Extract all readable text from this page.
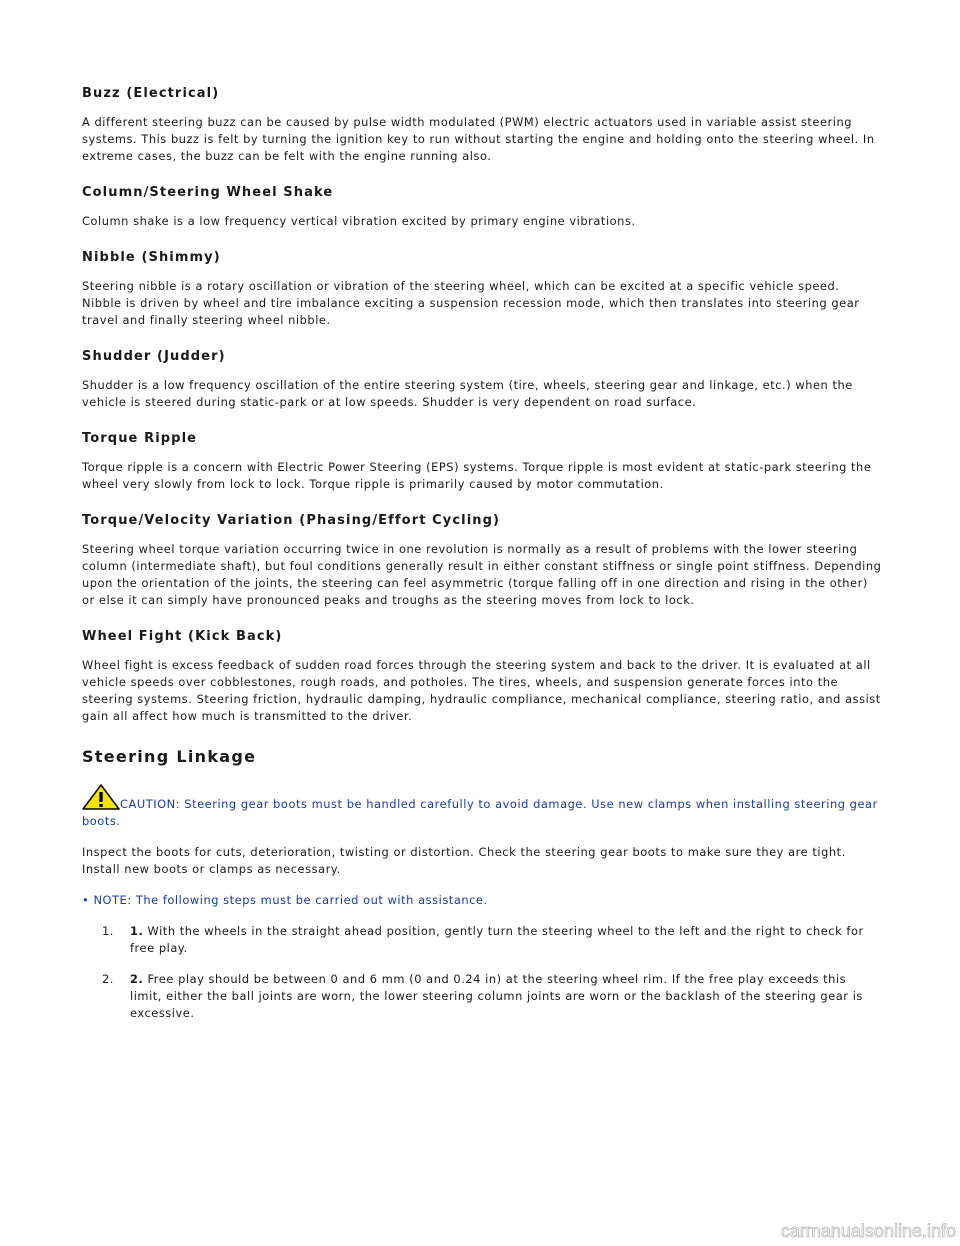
Buzz (Electrical)

A different steering buzz can be caused by pulse width modulated (PWM) electric actuators used in variable assist steering systems. This buzz is felt by turning the ignition key to run without starting the engine and holding onto the steering wheel. In extreme cases, the buzz can be felt with the engine running also.

Column/Steering Wheel Shake

Column shake is a low frequency vertical vibration excited by primary engine vibrations.

Nibble (Shimmy)

Steering nibble is a rotary oscillation or vibration of the steering wheel, which can be excited at a specific vehicle speed. Nibble is driven by wheel and tire imbalance exciting a suspension recession mode, which then translates into steering gear travel and finally steering wheel nibble.

Shudder (Judder)

Shudder is a low frequency oscillation of the entire steering system (tire, wheels, steering gear and linkage, etc.) when the vehicle is steered during static-park or at low speeds. Shudder is very dependent on road surface.

Torque Ripple

Torque ripple is a concern with Electric Power Steering (EPS) systems. Torque ripple is most evident at static-park steering the wheel very slowly from lock to lock. Torque ripple is primarily caused by motor commutation.

Torque/Velocity Variation (Phasing/Effort Cycling)

Steering wheel torque variation occurring twice in one revolution is normally as a result of problems with the lower steering column (intermediate shaft), but foul conditions generally result in either constant stiffness or single point stiffness. Depending upon the orientation of the joints, the steering can feel asymmetric (torque falling off in one direction and rising in the other) or else it can simply have pronounced peaks and troughs as the steering moves from lock to lock.

Wheel Fight (Kick Back)

Wheel fight is excess feedback of sudden road forces through the steering system and back to the driver. It is evaluated at all vehicle speeds over cobblestones, rough roads, and potholes. The tires, wheels, and suspension generate forces into the steering systems. Steering friction, hydraulic damping, hydraulic compliance, mechanical compliance, steering ratio, and assist gain all affect how much is transmitted to the driver.

Steering Linkage

CAUTION: Steering gear boots must be handled carefully to avoid damage. Use new clamps when installing steering gear boots.

Inspect the boots for cuts, deterioration, twisting or distortion. Check the steering gear boots to make sure they are tight. Install new boots or clamps as necessary.

• NOTE: The following steps must be carried out with assistance.

1. 1. With the wheels in the straight ahead position, gently turn the steering wheel to the left and the right to check for free play.
2. 2. Free play should be between 0 and 6 mm (0 and 0.24 in) at the steering wheel rim. If the free play exceeds this limit, either the ball joints are worn, the lower steering column joints are worn or the backlash of the steering gear is excessive.
carmanualsonline.info
